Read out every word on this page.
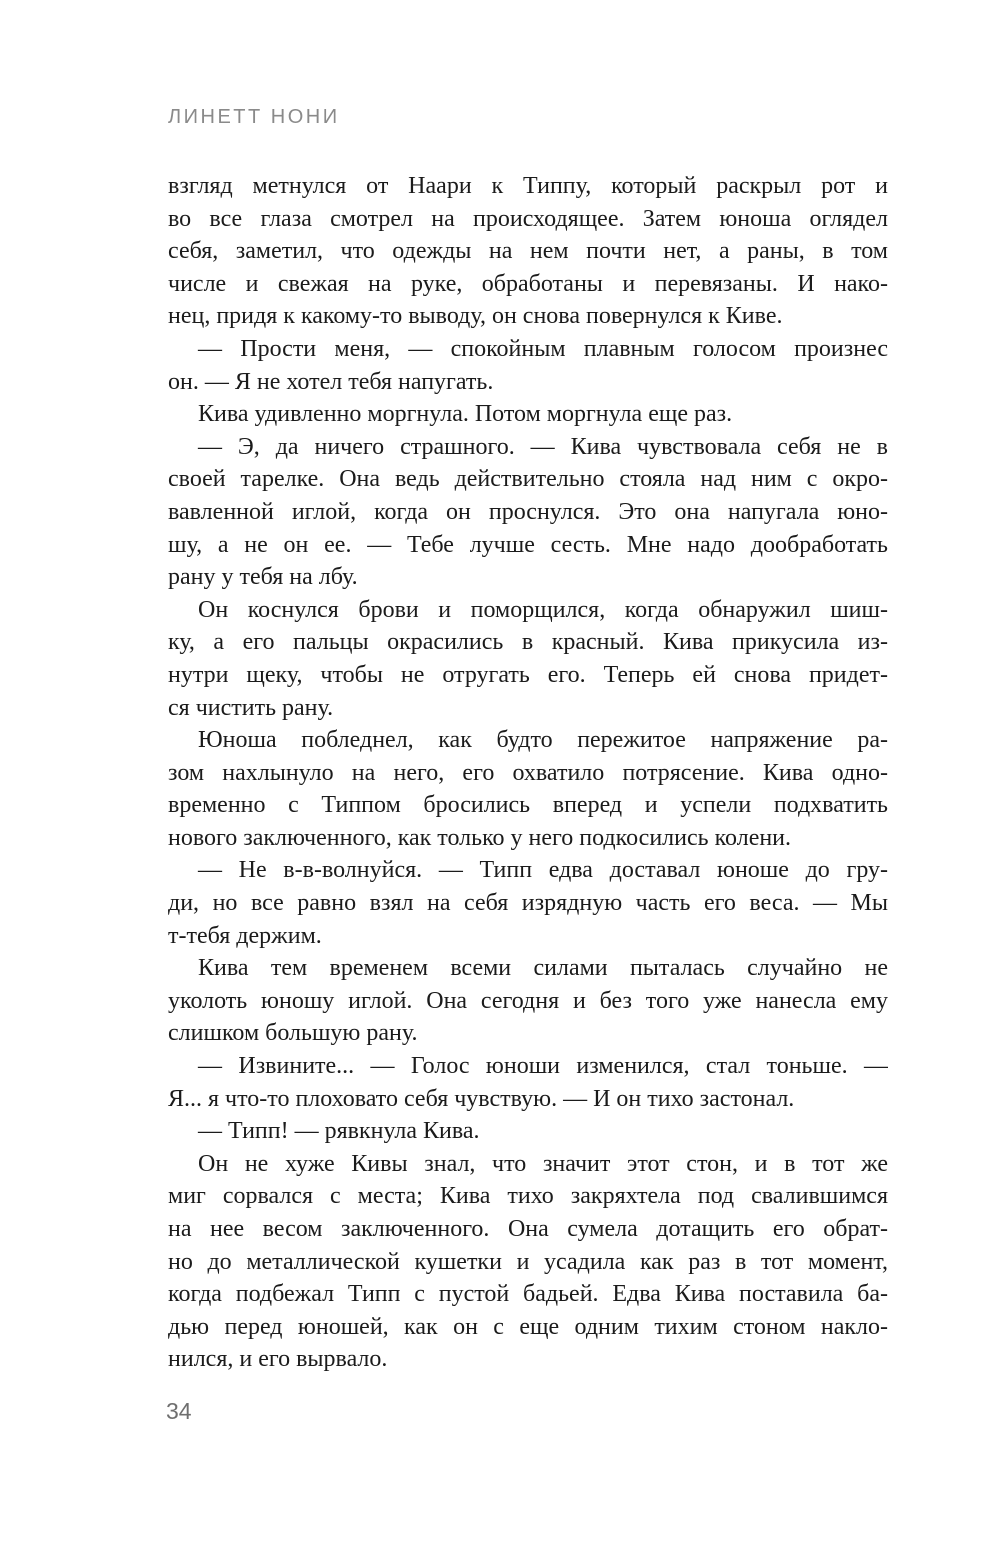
ЛИНЕТТ НОНИ
взгляд метнулся от Наари к Типпу, который раскрыл рот и
во все глаза смотрел на происходящее. Затем юноша оглядел
себя, заметил, что одежды на нем почти нет, а раны, в том
числе и свежая на руке, обработаны и перевязаны. И нако-
нец, придя к какому-то выводу, он снова повернулся к Киве.
— Прости меня, — спокойным плавным голосом произнес
он. — Я не хотел тебя напугать.
Кива удивленно моргнула. Потом моргнула еще раз.
— Э, да ничего страшного. — Кива чувствовала себя не в
своей тарелке. Она ведь действительно стояла над ним с окро-
вавленной иглой, когда он проснулся. Это она напугала юно-
шу, а не он ее. — Тебе лучше сесть. Мне надо дообработать
рану у тебя на лбу.
Он коснулся брови и поморщился, когда обнаружил шиш-
ку, а его пальцы окрасились в красный. Кива прикусила из-
нутри щеку, чтобы не отругать его. Теперь ей снова придет-
ся чистить рану.
Юноша побледнел, как будто пережитое напряжение ра-
зом нахлынуло на него, его охватило потрясение. Кива одно-
временно с Типпом бросились вперед и успели подхватить
нового заключенного, как только у него подкосились колени.
— Не в-в-волнуйся. — Типп едва доставал юноше до гру-
ди, но все равно взял на себя изрядную часть его веса. — Мы
т-тебя держим.
Кива тем временем всеми силами пыталась случайно не
уколоть юношу иглой. Она сегодня и без того уже нанесла ему
слишком большую рану.
— Извините... — Голос юноши изменился, стал тоньше. —
Я... я что-то плоховато себя чувствую. — И он тихо застонал.
— Типп! — рявкнула Кива.
Он не хуже Кивы знал, что значит этот стон, и в тот же
миг сорвался с места; Кива тихо закряхтела под свалившимся
на нее весом заключенного. Она сумела дотащить его обрат-
но до металлической кушетки и усадила как раз в тот момент,
когда подбежал Типп с пустой бадьей. Едва Кива поставила ба-
дью перед юношей, как он с еще одним тихим стоном накло-
нился, и его вырвало.
34
